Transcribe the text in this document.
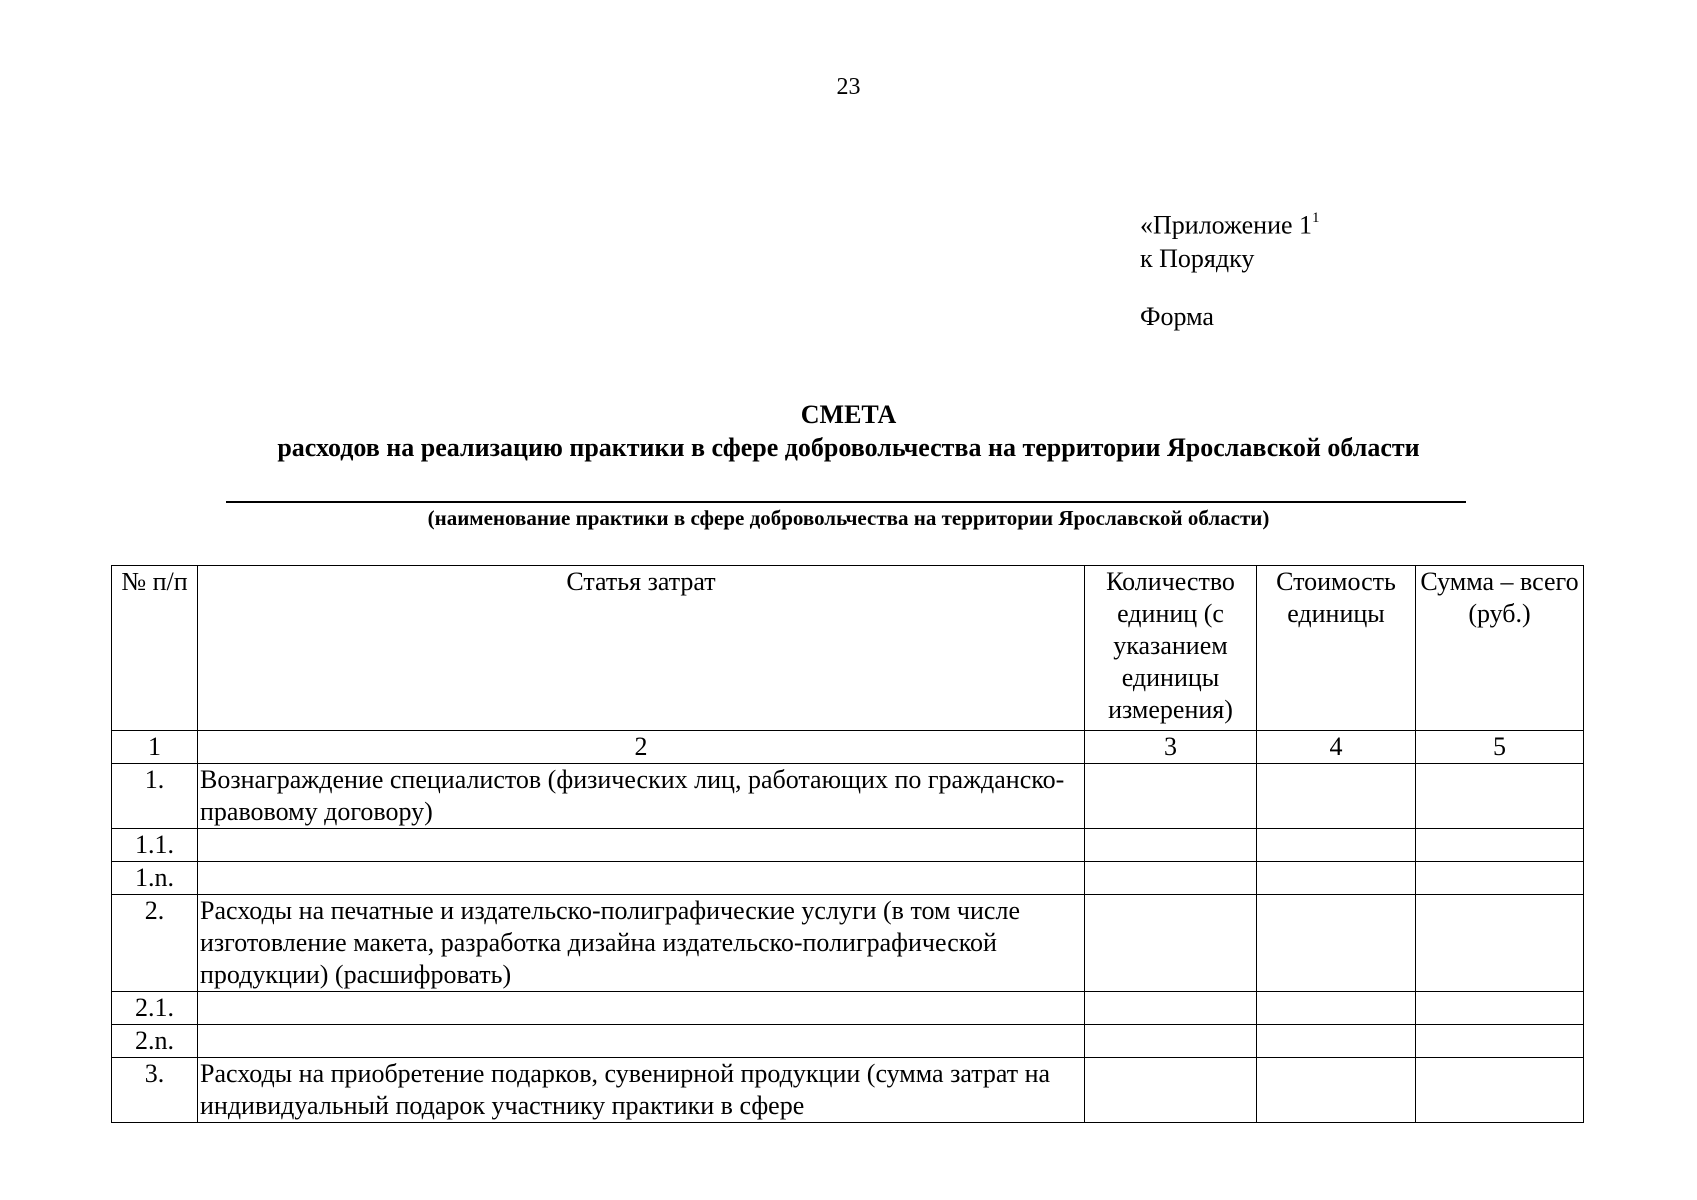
23
«Приложение $1^1$
к Порядку
Форма
СМЕТА
расходов на реализацию практики в сфере добровольчества на территории Ярославской области
(наименование практики в сфере добровольчества на территории Ярославской области)
№ п/п	Статья затрат	Количество единиц (с указанием единицы измерения)	Стоимость единицы	Сумма – всего (руб.)
1	2	3	4	5
1.	Вознаграждение специалистов (физических лиц, работающих по гражданско-правовому договору)			
1.1.				
1.n.				
2.	Расходы на печатные и издательско-полиграфические услуги (в том числе изготовление макета, разработка дизайна издательско-полиграфической продукции) (расшифровать)			
2.1.				
2.n.				
3.	Расходы на приобретение подарков, сувенирной продукции (сумма затрат на индивидуальный подарок участнику практики в сфере			
